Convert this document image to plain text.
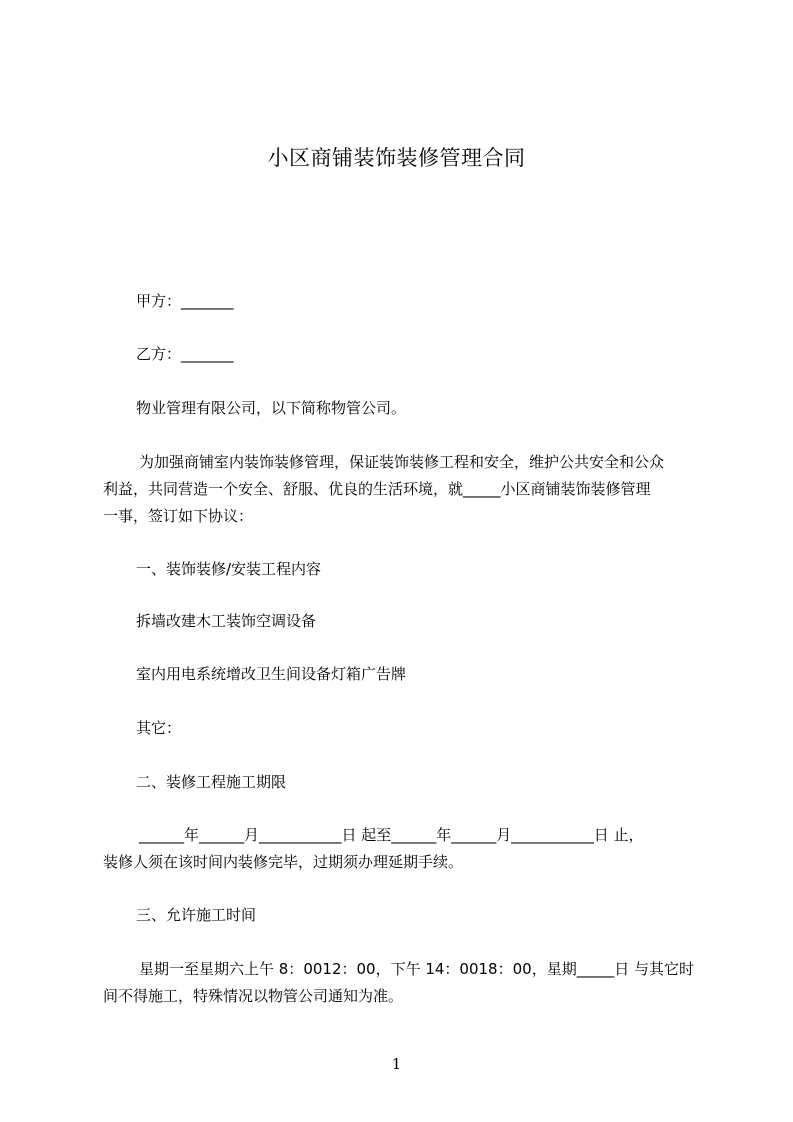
小区商铺装饰装修管理合同
甲方：_______
乙方：_______
物业管理有限公司，以下简称物管公司。
为加强商铺室内装饰装修管理，保证装饰装修工程和安全，维护公共安全和公众
利益，共同营造一个安全、舒服、优良的生活环境，就_____小区商铺装饰装修管理
一事，签订如下协议：
一、装饰装修/安装工程内容
拆墙改建木工装饰空调设备
室内用电系统增改卫生间设备灯箱广告牌
其它：
二、装修工程施工期限
______年______月___________日 起至______年______月___________日 止，
装修人须在该时间内装修完毕，过期须办理延期手续。
三、允许施工时间
星期一至星期六上午 8：0012：00，下午 14：0018：00，星期_____日 与其它时
间不得施工，特殊情况以物管公司通知为准。
1
